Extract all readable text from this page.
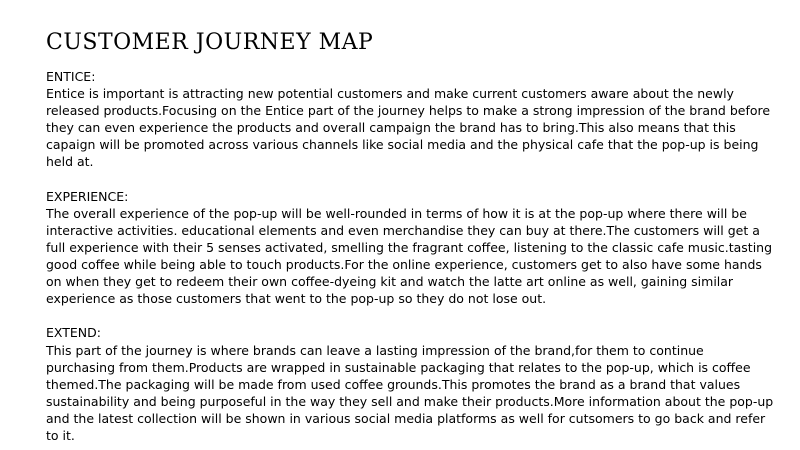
CUSTOMER JOURNEY MAP

ENTICE:

Entice is important is attracting new potential customers and make current customers aware about the newly released products.Focusing on the Entice part of the journey helps to make a strong impression of the brand before they can even experience the products and overall campaign the brand has to bring.This also means that this capaign will be promoted across various channels like social media and the physical cafe that the pop-up is being held at.

EXPERIENCE:

The overall experience of the pop-up will be well-rounded in terms of how it is at the pop-up where there will be interactive activities. educational elements and even merchandise they can buy at there.The customers will get a full experience with their 5 senses activated, smelling the fragrant coffee, listening to the classic cafe music.tasting good coffee while being able to touch products.For the online experience, customers get to also have some hands on when they get to redeem their own coffee-dyeing kit and watch the latte art online as well, gaining similar experience as those customers that went to the pop-up so they do not lose out.

EXTEND:

This part of the journey is where brands can leave a lasting impression of the brand,for them to continue purchasing from them.Products are wrapped in sustainable packaging that relates to the pop-up, which is coffee themed.The packaging will be made from used coffee grounds.This promotes the brand as a brand that values sustainability and being purposeful in the way they sell and make their products.More information about the pop-up and the latest collection will be shown in various social media platforms as well for cutsomers to go back and refer to it.
